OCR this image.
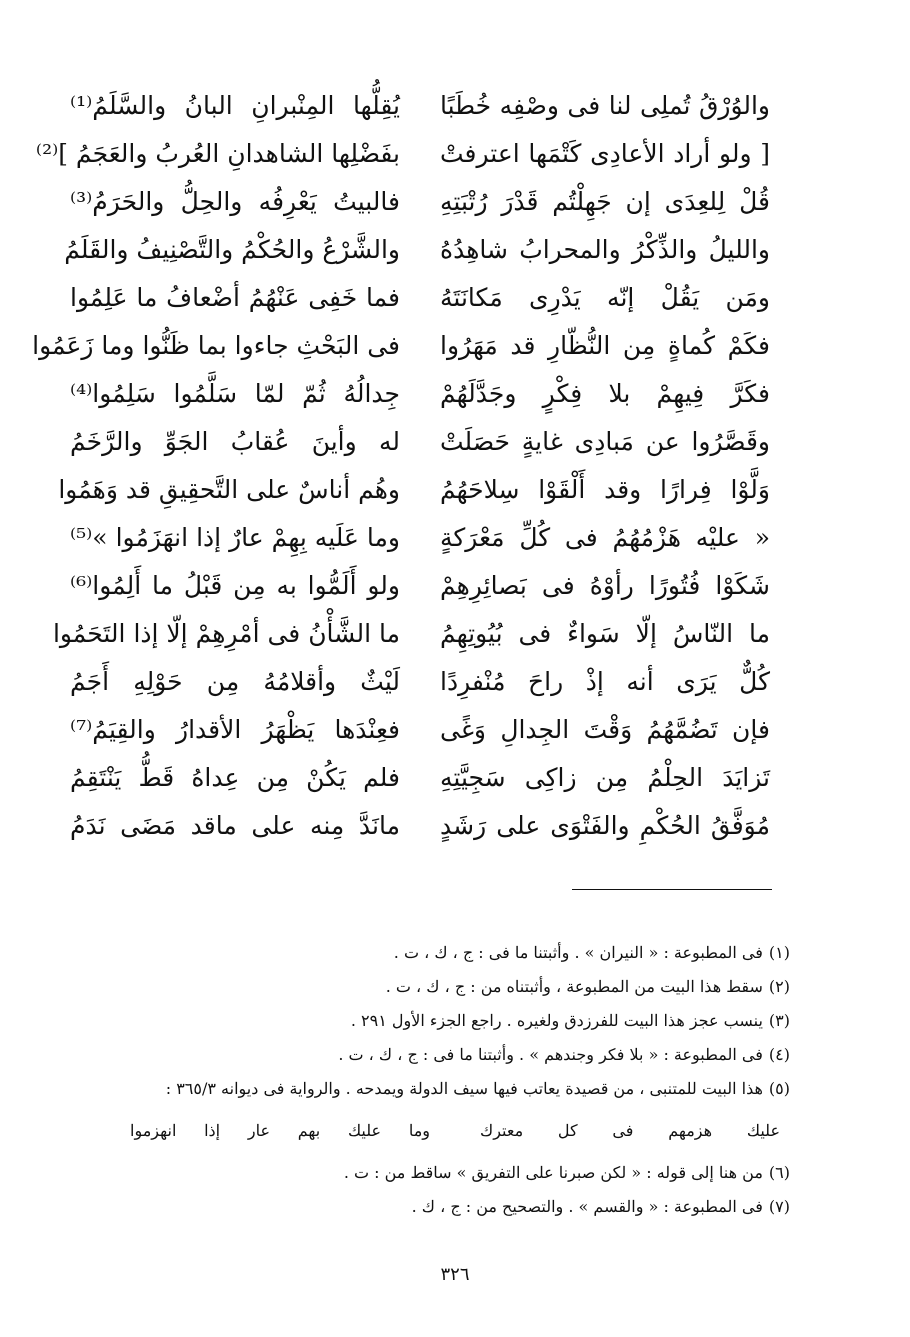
والوُرْقُ تُملِى لنا فى وصْفِه خُطَبًا
يُقِلُّها المِنْبرانِ البانُ والسَّلَمُ⁽¹⁾
[ ولو أراد الأعادِى كَتْمَها اعترفتْ
بفَضْلِها الشاهدانِ العُربُ والعَجَمُ ]⁽²⁾
قُلْ لِلعِدَى إن جَهِلْتُم قَدْرَ رُتْبَتِهِ
فالبيتُ يَعْرِفُه والحِلُّ والحَرَمُ⁽³⁾
والليلُ والذِّكْرُ والمحرابُ شاهِدُهُ
والشَّرْعُ والحُكْمُ والتَّصْنِيفُ والقَلَمُ
ومَن يَقُلْ إنّه يَدْرِى مَكانَتَهُ
فما خَفِى عَنْهُمُ أضْعافُ ما عَلِمُوا
فكَمْ كُماةٍ مِن النُّظّارِ قد مَهَرُوا
فى البَحْثِ جاءوا بما ظَنُّوا وما زَعَمُوا
فكَرَّ فِيهِمْ بلا فِكْرٍ وجَدَّلَهُمْ
جِدالُهُ ثُمّ لمّا سَلَّمُوا سَلِمُوا⁽⁴⁾
وقَصَّرُوا عن مَبادِى غايةٍ حَصَلَتْ
له وأينَ عُقابُ الجَوِّ والرَّخَمُ
وَلَّوْا فِرارًا وقد أَلْقَوْا سِلاحَهُمُ
وهُم أناسٌ على التَّحقِيقِ قد وَهَمُوا
« عليْه هَزْمُهُمُ فى كُلِّ مَعْرَكةٍ
وما عَلَيه بِهِمْ عارٌ إذا انهَزَمُوا »⁽⁵⁾
شَكَوْا فُتُورًا رأوْهُ فى بَصائِرِهِمْ
ولو أَلَمُّوا به مِن قَبْلُ ما أَلِمُوا⁽⁶⁾
ما النّاسُ إلّا سَواءٌ فى بُيُوتِهِمُ
ما الشَّأْنُ فى أمْرِهِمْ إلّا إذا التَحَمُوا
كُلٌّ يَرَى أنه إذْ راحَ مُنْفرِدًا
لَيْثٌ وأقلامُهُ مِن حَوْلِهِ أَجَمُ
فإن تَضُمَّهُمُ وَقْتَ الجِدالِ وَغًى
فعِنْدَها يَظْهَرُ الأقدارُ والقِيَمُ⁽⁷⁾
تَزايَدَ الحِلْمُ مِن زاكِى سَجِيَّتِهِ
فلم يَكُنْ مِن عِداهُ قَطُّ يَنْتَقِمُ
مُوَفَّقُ الحُكْمِ والفَتْوَى على رَشَدٍ
مانَدَّ مِنه على ماقد مَضَى نَدَمُ
(١)فى المطبوعة : « النيران » . وأثبتنا ما فى : ج ، ك ، ت .
(٢)سقط هذا البيت من المطبوعة ، وأثبتناه من : ج ، ك ، ت .
(٣)ينسب عجز هذا البيت للفرزدق ولغيره . راجع الجزء الأول ٢٩١ .
(٤)فى المطبوعة : « بلا فكر وجندهم » . وأثبتنا ما فى : ج ، ك ، ت .
(٥)هذا البيت للمتنبى ، من قصيدة يعاتب فيها سيف الدولة ويمدحه . والرواية فى ديوانه ٣٦٥/٣ :
عليك هزمهم فى كل معترك
وما عليك بهم عار إذا انهزموا
(٦)من هنا إلى قوله : « لكن صبرنا على التفريق » ساقط من : ت .
(٧)فى المطبوعة : « والقسم » . والتصحيح من : ج ، ك .
٣٢٦
